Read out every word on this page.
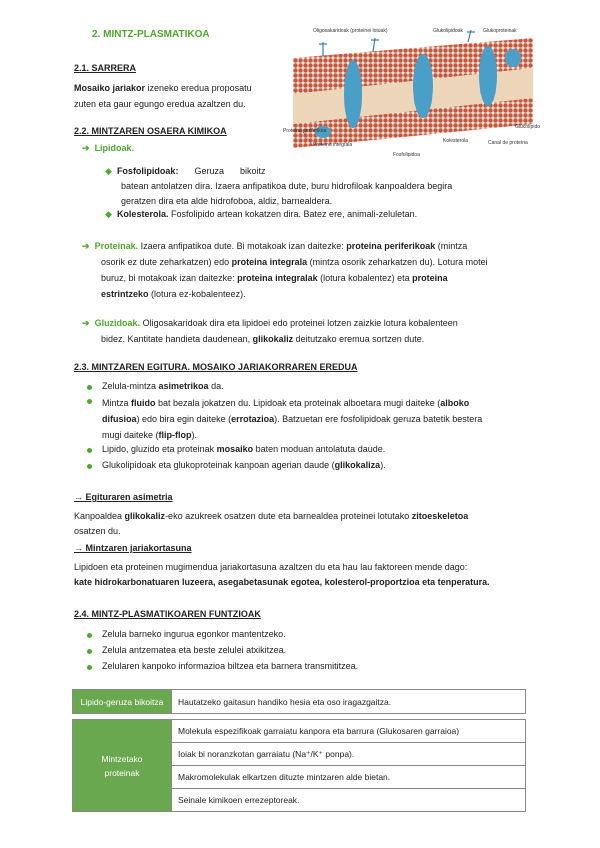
2. MINTZ-PLASMATIKOA
2.1. SARRERA
Mosaiko jariakor izeneko eredua proposatu
zuten eta gaur egungo eredua azaltzen du.
Oligosakaridoak (proteinei lotuak)	Glukoproteinak
Proteina periferikoa
Proteina integrala
Fosfolipidoa
Kolesterola	Canal de proteína
Glucolípido
Glukolipidoak
2.2. MINTZAREN OSAERA KIMIKOA
➔ Lipidoak.
◆ Fosfolipidoak: Geruza bikoitz
batean antolatzen dira. Izaera anfipatikoa dute, buru hidrofiloak kanpoaldera begira
geratzen dira eta alde hidrofoboa, aldiz, barnealdera.
◆ Kolesterola. Fosfolipido artean kokatzen dira. Batez ere, animali-zeluletan.
➔ Proteinak. Izaera anfipatikoa dute. Bi motakoak izan daitezke: proteina periferikoak (mintza
osorik ez dute zeharkatzen) edo proteina integrala (mintza osorik zeharkatzen du). Lotura motei
buruz, bi motakoak izan daitezke: proteina integralak (lotura kobalentez) eta proteina
estrintzeko (lotura ez-kobalenteez).
➔ Gluzidoak. Oligosakaridoak dira eta lipidoei edo proteinei lotzen zaizkie lotura kobalenteen
bidez. Kantitate handieta daudenean, glikokaliz deitutzako eremua sortzen dute.
2.3. MINTZAREN EGITURA. MOSAIKO JARIAKORRAREN EREDUA
Zelula-mintza asimetrikoa da.
Mintza fluido bat bezala jokatzen du. Lipidoak eta proteinak alboetara mugi daiteke (alboko
difusioa) edo bira egin daiteke (errotazioa). Batzuetan ere fosfolipidoak geruza batetik bestera
mugi daiteke (flip-flop).
Lipido, gluzido eta proteinak mosaiko baten moduan antolatuta daude.
Glukolipidoak eta glukoproteinak kanpoan agerian daude (glikokaliza).
→ Egituraren asimetria
Kanpoaldea glikokaliz-eko azukreek osatzen dute eta barnealdea proteinei lotutako zitoeskeletoa
osatzen du.
→ Mintzaren jariakortasuna
Lipidoen eta proteinen mugimendua jariakortasuna azaltzen du eta hau lau faktoreen mende dago:
kate hidrokarbonatuaren luzeera, asegabetasunak egotea, kolesterol-proportzioa eta tenperatura.
2.4. MINTZ-PLASMATIKOAREN FUNTZIOAK
Zelula barneko ingurua egonkor mantentzeko.
Zelula antzematea eta beste zelulei atxikitzea.
Zelularen kanpoko informazioa biltzea eta barnera transmititzea.
Lipido-geruza bikoitza	Hautatzeko gaitasun handiko hesia eta oso iragazgaitza.
Mintzetako
proteinak	Molekula espezifikoak garraiatu kanpora eta barrura (Glukosaren garraioa)
Ioiak bi noranzkotan garraiatu (Na⁺/K⁺ ponpa).
Makromolekulak elkartzen dituzte mintzaren alde bietan.
Seinale kimikoen errezeptoreak.
